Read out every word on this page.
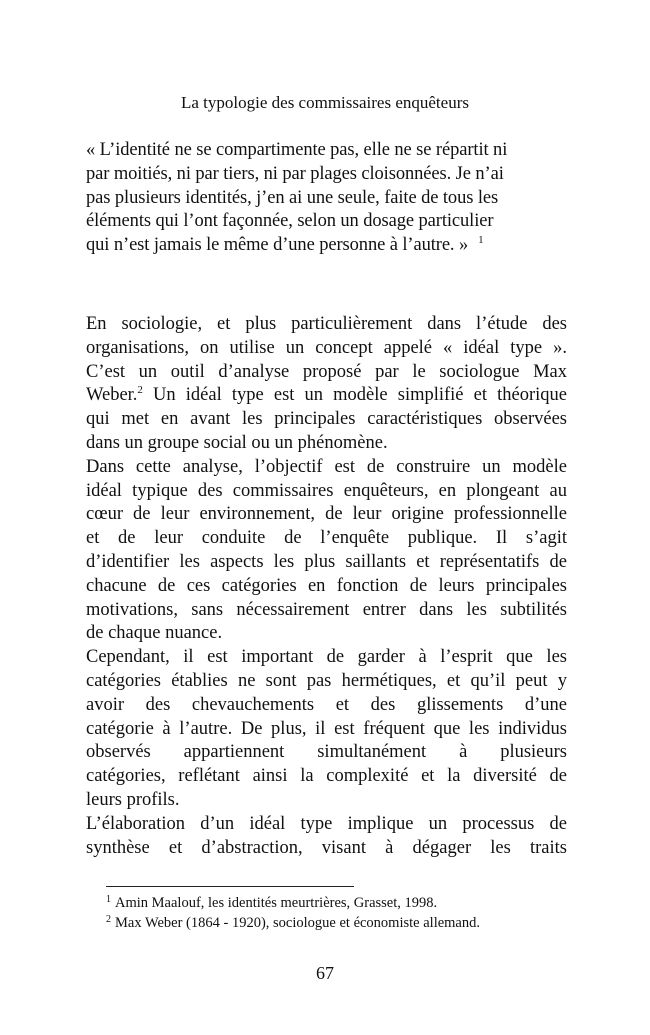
La typologie des commissaires enquêteurs
« L’identité ne se compartimente pas, elle ne se répartit ni
par moitiés, ni par tiers, ni par plages cloisonnées. Je n’ai
pas plusieurs identités, j’en ai une seule, faite de tous les
éléments qui l’ont façonnée, selon un dosage particulier
qui n’est jamais le même d’une personne à l’autre. » $^1$
En sociologie, et plus particulièrement dans l’étude des
organisations, on utilise un concept appelé « idéal type ».
C’est un outil d’analyse proposé par le sociologue Max
Weber.$^2$ Un idéal type est un modèle simplifié et théorique
qui met en avant les principales caractéristiques observées
dans un groupe social ou un phénomène.
Dans cette analyse, l’objectif est de construire un modèle
idéal typique des commissaires enquêteurs, en plongeant au
cœur de leur environnement, de leur origine professionnelle
et de leur conduite de l’enquête publique. Il s’agit
d’identifier les aspects les plus saillants et représentatifs de
chacune de ces catégories en fonction de leurs principales
motivations, sans nécessairement entrer dans les subtilités
de chaque nuance.
Cependant, il est important de garder à l’esprit que les
catégories établies ne sont pas hermétiques, et qu’il peut y
avoir des chevauchements et des glissements d’une
catégorie à l’autre. De plus, il est fréquent que les individus
observés appartiennent simultanément à plusieurs
catégories, reflétant ainsi la complexité et la diversité de
leurs profils.
L’élaboration d’un idéal type implique un processus de
synthèse et d’abstraction, visant à dégager les traits
$^1$ Amin Maalouf, les identités meurtrières, Grasset, 1998.
$^2$ Max Weber (1864 - 1920), sociologue et économiste allemand.
67
